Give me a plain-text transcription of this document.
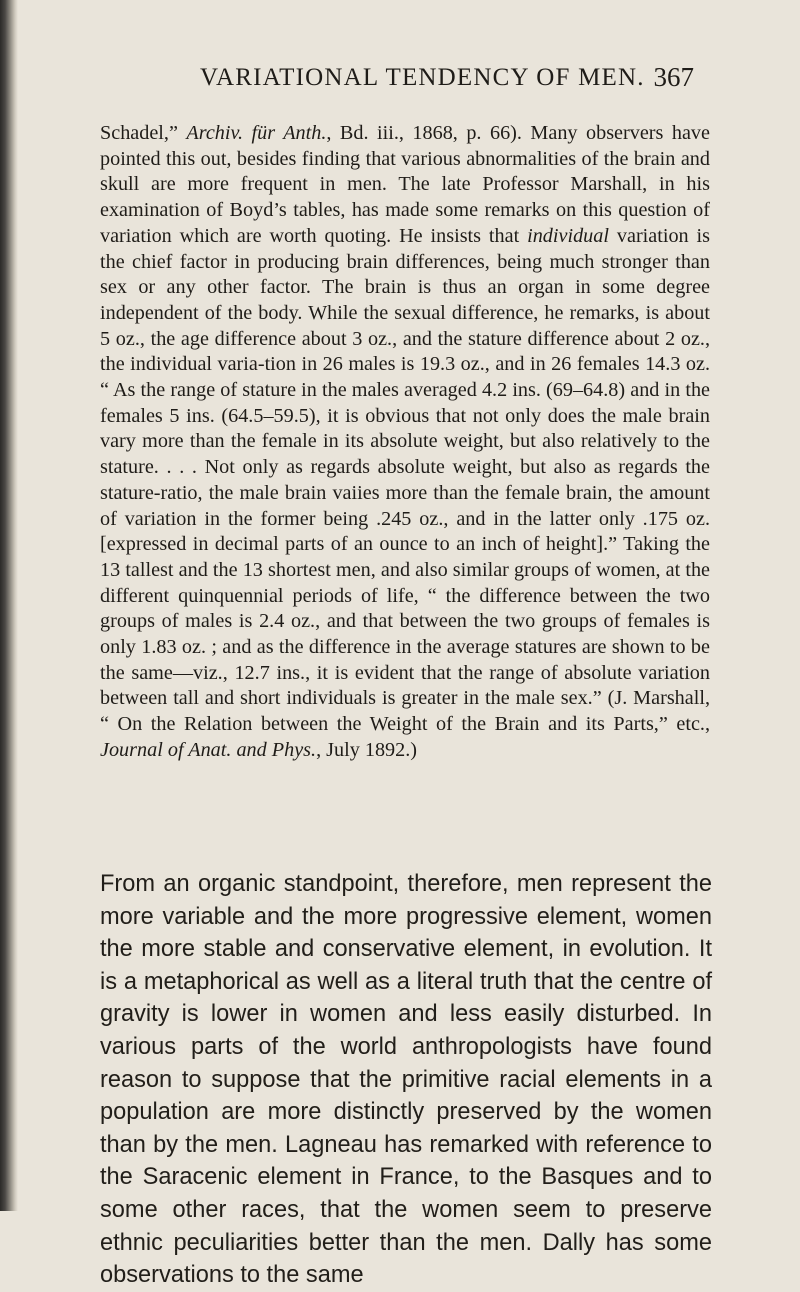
VARIATIONAL TENDENCY OF MEN. 367

Schadel,” Archiv. für Anth., Bd. iii., 1868, p. 66). Many observers have pointed this out, besides finding that various abnormalities of the brain and skull are more frequent in men. The late Professor Marshall, in his examination of Boyd’s tables, has made some remarks on this question of variation which are worth quoting. He insists that individual variation is the chief factor in producing brain differences, being much stronger than sex or any other factor. The brain is thus an organ in some degree independent of the body. While the sexual difference, he remarks, is about 5 oz., the age difference about 3 oz., and the stature difference about 2 oz., the individual varia-tion in 26 males is 19.3 oz., and in 26 females 14.3 oz. “ As the range of stature in the males averaged 4.2 ins. (69–64.8) and in the females 5 ins. (64.5–59.5), it is obvious that not only does the male brain vary more than the female in its absolute weight, but also relatively to the stature. . . . Not only as regards absolute weight, but also as regards the stature-ratio, the male brain vaiies more than the female brain, the amount of variation in the former being .245 oz., and in the latter only .175 oz. [expressed in decimal parts of an ounce to an inch of height].” Taking the 13 tallest and the 13 shortest men, and also similar groups of women, at the different quinquennial periods of life, “ the difference between the two groups of males is 2.4 oz., and that between the two groups of females is only 1.83 oz. ; and as the difference in the average statures are shown to be the same—viz., 12.7 ins., it is evident that the range of absolute variation between tall and short individuals is greater in the male sex.” (J. Marshall, “ On the Relation between the Weight of the Brain and its Parts,” etc., Journal of Anat. and Phys., July 1892.)

From an organic standpoint, therefore, men represent the more variable and the more progressive element, women the more stable and conservative element, in evolution. It is a metaphorical as well as a literal truth that the centre of gravity is lower in women and less easily disturbed. In various parts of the world anthropologists have found reason to suppose that the primitive racial elements in a population are more distinctly preserved by the women than by the men. Lagneau has remarked with reference to the Saracenic element in France, to the Basques and to some other races, that the women seem to preserve ethnic peculiarities better than the men. Dally has some observations to the same
